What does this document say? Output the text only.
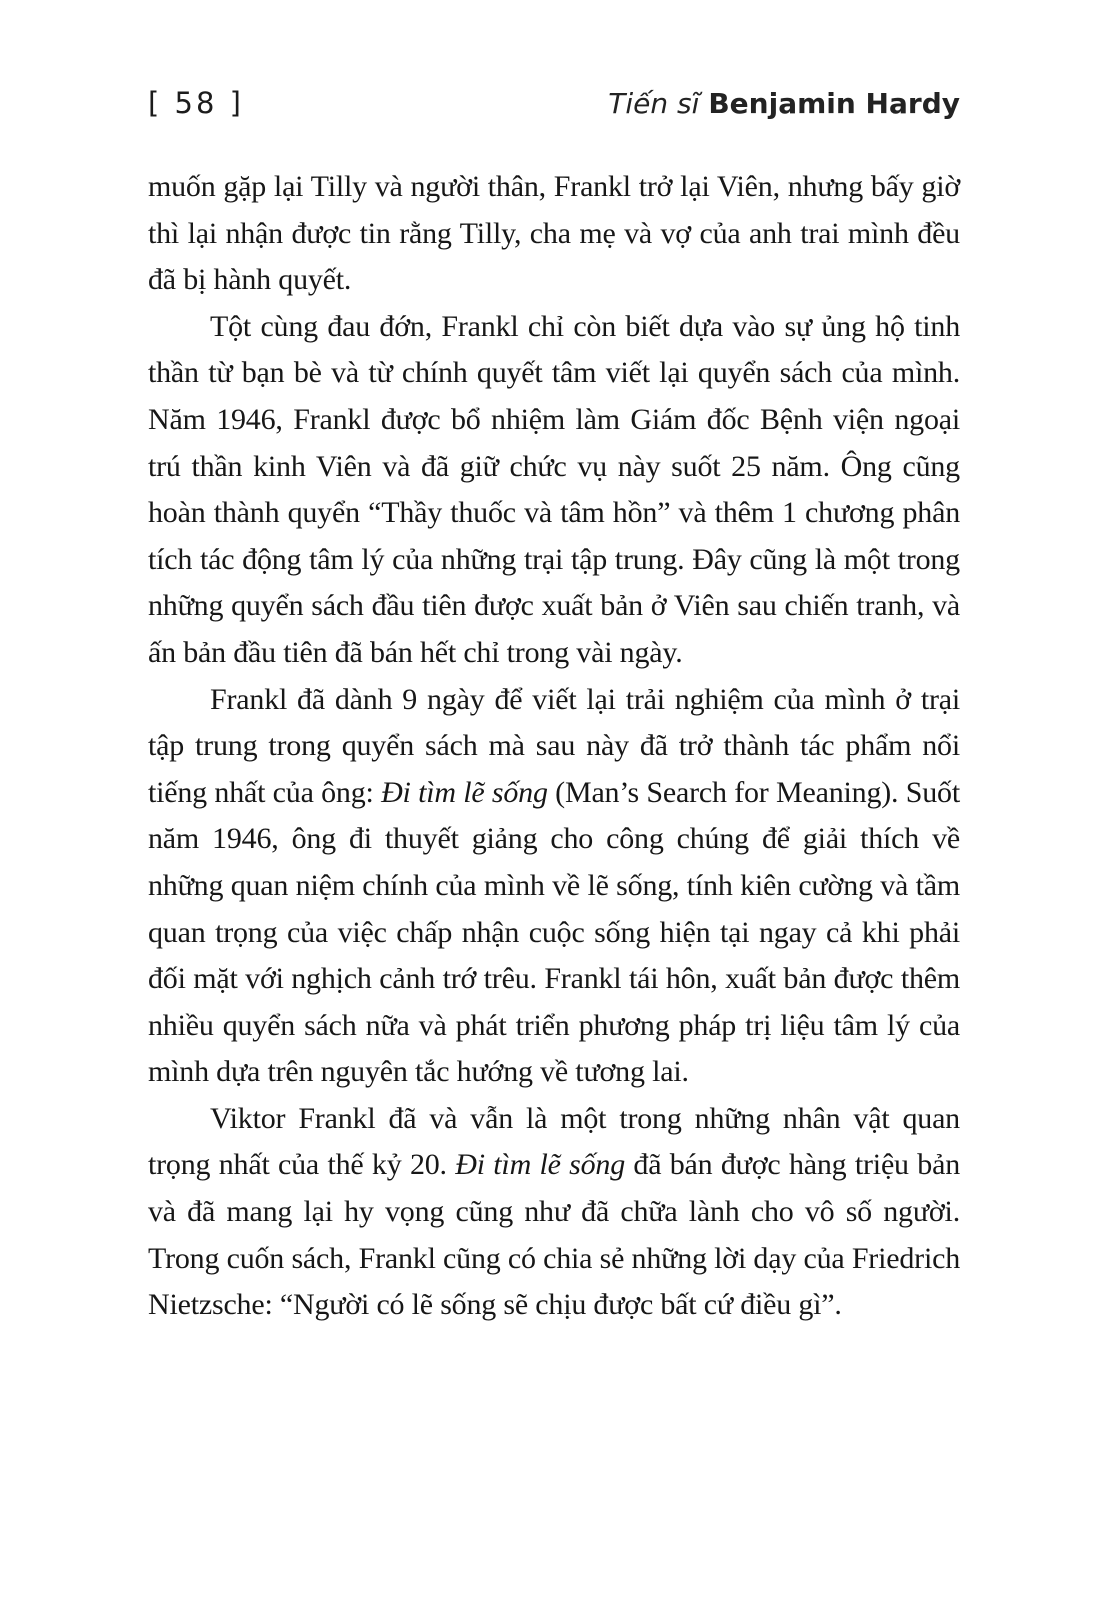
[ 58 ]	Tiến sĩ Benjamin Hardy

muốn gặp lại Tilly và người thân, Frankl trở lại Viên, nhưng bấy giờ thì lại nhận được tin rằng Tilly, cha mẹ và vợ của anh trai mình đều đã bị hành quyết.

Tột cùng đau đớn, Frankl chỉ còn biết dựa vào sự ủng hộ tinh thần từ bạn bè và từ chính quyết tâm viết lại quyển sách của mình. Năm 1946, Frankl được bổ nhiệm làm Giám đốc Bệnh viện ngoại trú thần kinh Viên và đã giữ chức vụ này suốt 25 năm. Ông cũng hoàn thành quyển “Thầy thuốc và tâm hồn” và thêm 1 chương phân tích tác động tâm lý của những trại tập trung. Đây cũng là một trong những quyển sách đầu tiên được xuất bản ở Viên sau chiến tranh, và ấn bản đầu tiên đã bán hết chỉ trong vài ngày.

Frankl đã dành 9 ngày để viết lại trải nghiệm của mình ở trại tập trung trong quyển sách mà sau này đã trở thành tác phẩm nổi tiếng nhất của ông: Đi tìm lẽ sống (Man’s Search for Meaning). Suốt năm 1946, ông đi thuyết giảng cho công chúng để giải thích về những quan niệm chính của mình về lẽ sống, tính kiên cường và tầm quan trọng của việc chấp nhận cuộc sống hiện tại ngay cả khi phải đối mặt với nghịch cảnh trớ trêu. Frankl tái hôn, xuất bản được thêm nhiều quyển sách nữa và phát triển phương pháp trị liệu tâm lý của mình dựa trên nguyên tắc hướng về tương lai.

Viktor Frankl đã và vẫn là một trong những nhân vật quan trọng nhất của thế kỷ 20. Đi tìm lẽ sống đã bán được hàng triệu bản và đã mang lại hy vọng cũng như đã chữa lành cho vô số người. Trong cuốn sách, Frankl cũng có chia sẻ những lời dạy của Friedrich Nietzsche: “Người có lẽ sống sẽ chịu được bất cứ điều gì”.
